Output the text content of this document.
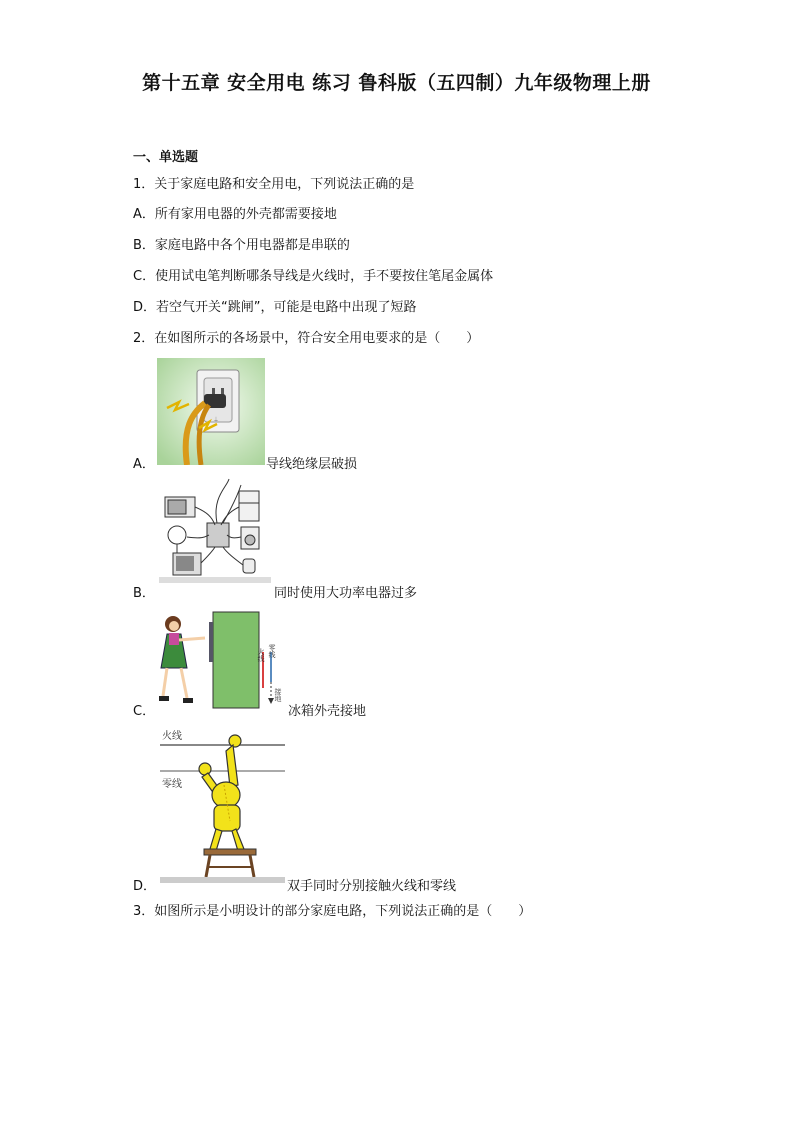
第十五章 安全用电 练习 鲁科版（五四制）九年级物理上册
一、单选题
1．关于家庭电路和安全用电，下列说法正确的是
A．所有家用电器的外壳都需要接地
B．家庭电路中各个用电器都是串联的
C．使用试电笔判断哪条导线是火线时，手不要按住笔尾金属体
D．若空气开关“跳闸”，可能是电路中出现了短路
2．在如图所示的各场景中，符合安全用电要求的是（　　）
⏚
A．	导线绝缘层破损
B．	同时使用大功率电器过多
火线 零线
接地
C．	冰箱外壳接地
火线
零线
D．	双手同时分别接触火线和零线
3．如图所示是小明设计的部分家庭电路，下列说法正确的是（　　）
